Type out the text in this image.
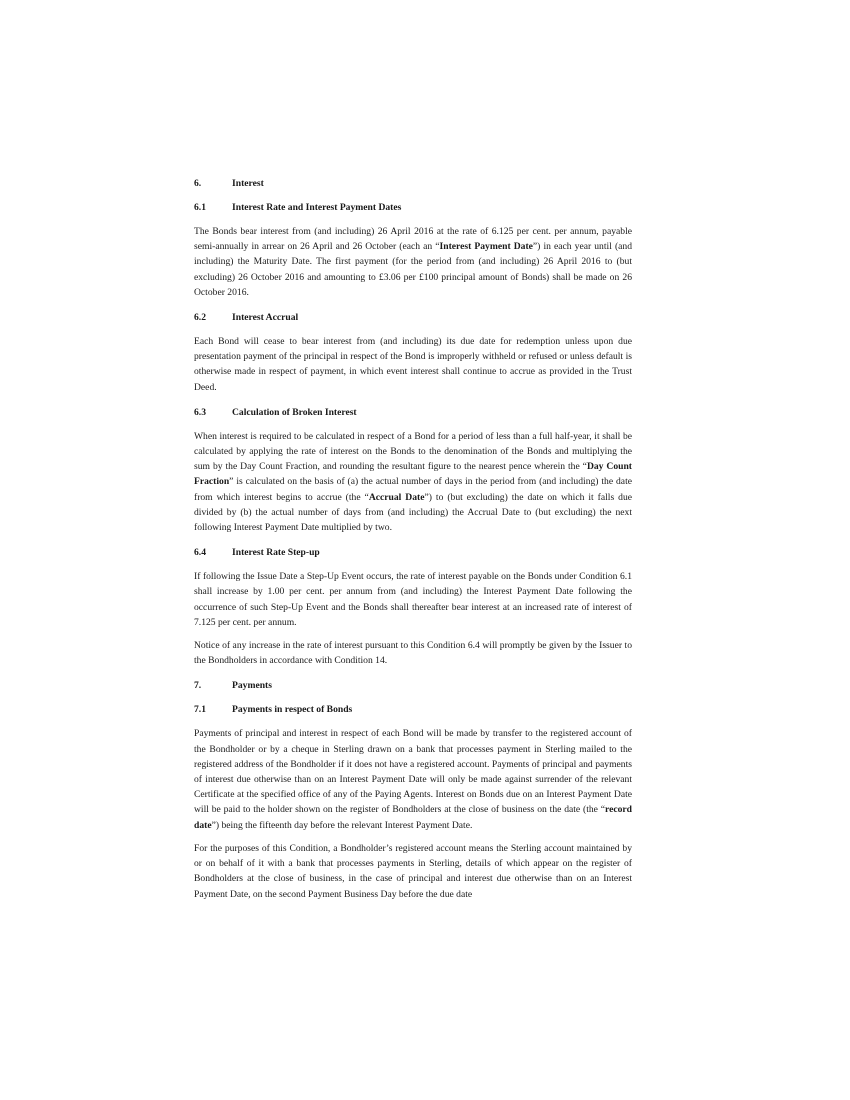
6.	Interest
6.1	Interest Rate and Interest Payment Dates

The Bonds bear interest from (and including) 26 April 2016 at the rate of 6.125 per cent. per annum, payable semi-annually in arrear on 26 April and 26 October (each an “Interest Payment Date”) in each year until (and including) the Maturity Date. The first payment (for the period from (and including) 26 April 2016 to (but excluding) 26 October 2016 and amounting to £3.06 per £100 principal amount of Bonds) shall be made on 26 October 2016.

6.2	Interest Accrual

Each Bond will cease to bear interest from (and including) its due date for redemption unless upon due presentation payment of the principal in respect of the Bond is improperly withheld or refused or unless default is otherwise made in respect of payment, in which event interest shall continue to accrue as provided in the Trust Deed.

6.3	Calculation of Broken Interest

When interest is required to be calculated in respect of a Bond for a period of less than a full half-year, it shall be calculated by applying the rate of interest on the Bonds to the denomination of the Bonds and multiplying the sum by the Day Count Fraction, and rounding the resultant figure to the nearest pence wherein the “Day Count Fraction” is calculated on the basis of (a) the actual number of days in the period from (and including) the date from which interest begins to accrue (the “Accrual Date”) to (but excluding) the date on which it falls due divided by (b) the actual number of days from (and including) the Accrual Date to (but excluding) the next following Interest Payment Date multiplied by two.

6.4	Interest Rate Step-up

If following the Issue Date a Step-Up Event occurs, the rate of interest payable on the Bonds under Condition 6.1 shall increase by 1.00 per cent. per annum from (and including) the Interest Payment Date following the occurrence of such Step-Up Event and the Bonds shall thereafter bear interest at an increased rate of interest of 7.125 per cent. per annum.

Notice of any increase in the rate of interest pursuant to this Condition 6.4 will promptly be given by the Issuer to the Bondholders in accordance with Condition 14.

7.	Payments
7.1	Payments in respect of Bonds

Payments of principal and interest in respect of each Bond will be made by transfer to the registered account of the Bondholder or by a cheque in Sterling drawn on a bank that processes payment in Sterling mailed to the registered address of the Bondholder if it does not have a registered account. Payments of principal and payments of interest due otherwise than on an Interest Payment Date will only be made against surrender of the relevant Certificate at the specified office of any of the Paying Agents. Interest on Bonds due on an Interest Payment Date will be paid to the holder shown on the register of Bondholders at the close of business on the date (the “record date”) being the fifteenth day before the relevant Interest Payment Date.

For the purposes of this Condition, a Bondholder’s registered account means the Sterling account maintained by or on behalf of it with a bank that processes payments in Sterling, details of which appear on the register of Bondholders at the close of business, in the case of principal and interest due otherwise than on an Interest Payment Date, on the second Payment Business Day before the due date
